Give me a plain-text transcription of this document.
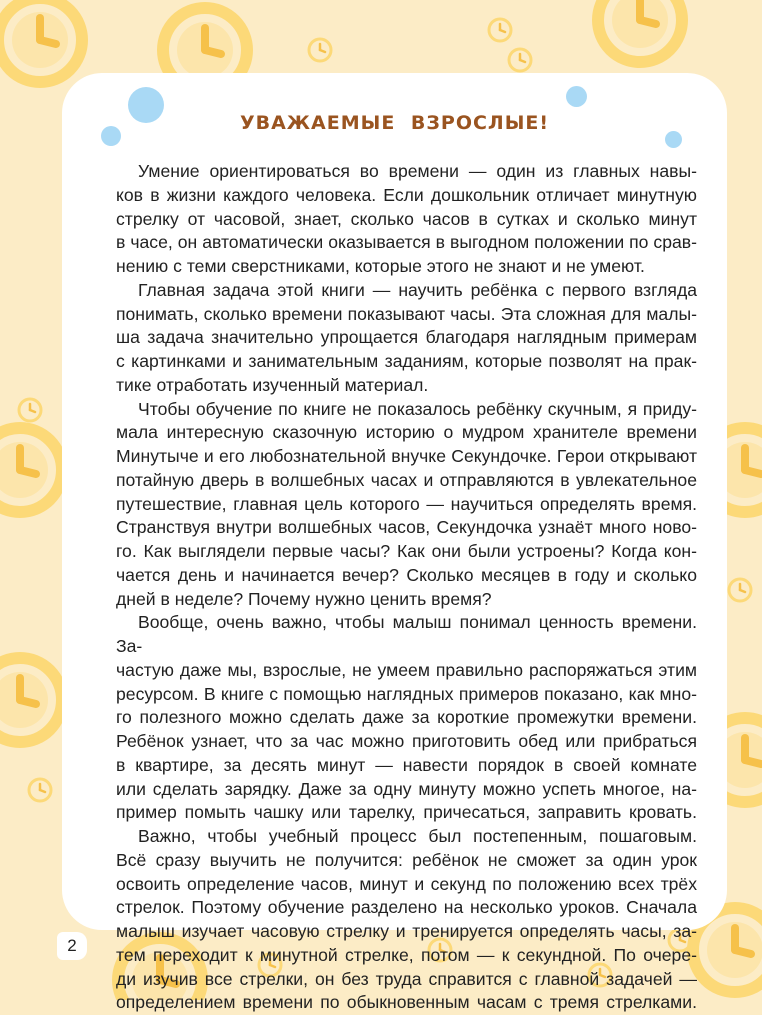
УВАЖАЕМЫЕ ВЗРОСЛЫЕ!
Умение ориентироваться во времени — один из главных навы-
ков в жизни каждого человека. Если дошкольник отличает минутную
стрелку от часовой, знает, сколько часов в сутках и сколько минут
в часе, он автоматически оказывается в выгодном положении по срав-
нению с теми сверстниками, которые этого не знают и не умеют.
Главная задача этой книги — научить ребёнка с первого взгляда
понимать, сколько времени показывают часы. Эта сложная для малы-
ша задача значительно упрощается благодаря наглядным примерам
с картинками и занимательным заданиям, которые позволят на прак-
тике отработать изученный материал.
Чтобы обучение по книге не показалось ребёнку скучным, я приду-
мала интересную сказочную историю о мудром хранителе времени
Минутыче и его любознательной внучке Секундочке. Герои открывают
потайную дверь в волшебных часах и отправляются в увлекательное
путешествие, главная цель которого — научиться определять время.
Странствуя внутри волшебных часов, Секундочка узнаёт много ново-
го. Как выглядели первые часы? Как они были устроены? Когда кон-
чается день и начинается вечер? Сколько месяцев в году и сколько
дней в неделе? Почему нужно ценить время?
Вообще, очень важно, чтобы малыш понимал ценность времени. За-
частую даже мы, взрослые, не умеем правильно распоряжаться этим
ресурсом. В книге с помощью наглядных примеров показано, как мно-
го полезного можно сделать даже за короткие промежутки времени.
Ребёнок узнает, что за час можно приготовить обед или прибраться
в квартире, за десять минут — навести порядок в своей комнате
или сделать зарядку. Даже за одну минуту можно успеть многое, на-
пример помыть чашку или тарелку, причесаться, заправить кровать.
Важно, чтобы учебный процесс был постепенным, пошаговым.
Всё сразу выучить не получится: ребёнок не сможет за один урок
освоить определение часов, минут и секунд по положению всех трёх
стрелок. Поэтому обучение разделено на несколько уроков. Сначала
малыш изучает часовую стрелку и тренируется определять часы, за-
тем переходит к минутной стрелке, потом — к секундной. По очере-
ди изучив все стрелки, он без труда справится с главной задачей —
определением времени по обыкновенным часам с тремя стрелками.
2
